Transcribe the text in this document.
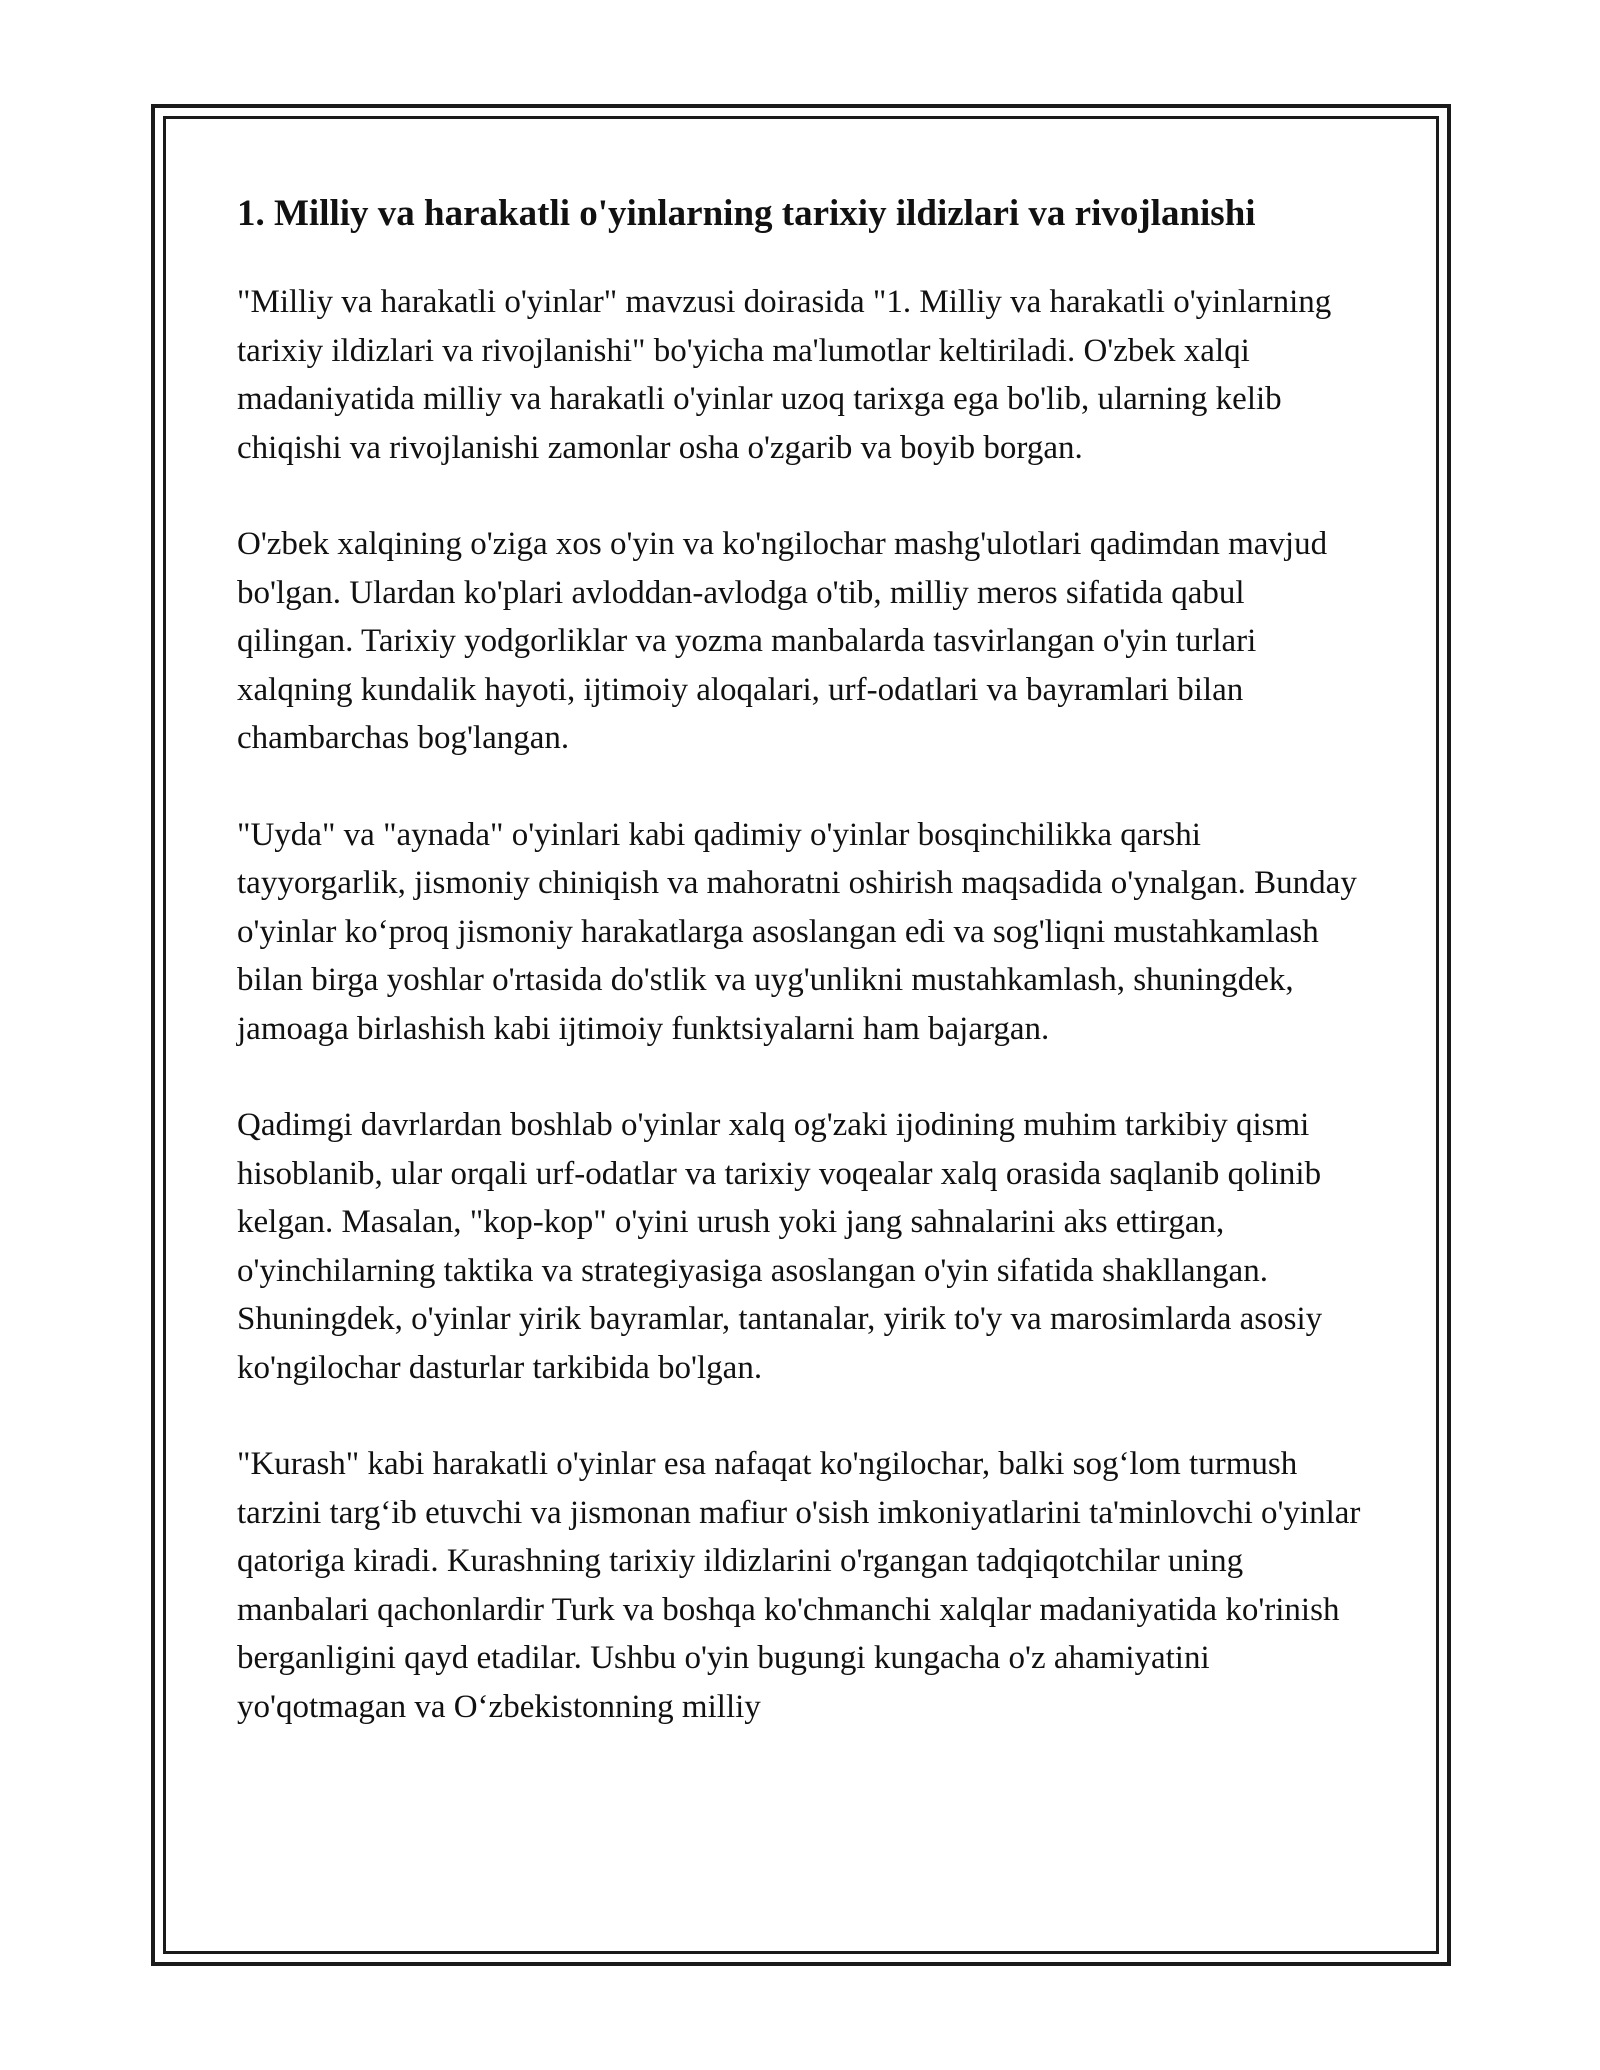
1. Milliy va harakatli o'yinlarning tarixiy ildizlari va rivojlanishi

"Milliy va harakatli o'yinlar" mavzusi doirasida "1. Milliy va harakatli o'yinlarning tarixiy ildizlari va rivojlanishi" bo'yicha ma'lumotlar keltiriladi. O'zbek xalqi madaniyatida milliy va harakatli o'yinlar uzoq tarixga ega bo'lib, ularning kelib chiqishi va rivojlanishi zamonlar osha o'zgarib va boyib borgan.

O'zbek xalqining o'ziga xos o'yin va ko'ngilochar mashg'ulotlari qadimdan mavjud bo'lgan. Ulardan ko'plari avloddan-avlodga o'tib, milliy meros sifatida qabul qilingan. Tarixiy yodgorliklar va yozma manbalarda tasvirlangan o'yin turlari xalqning kundalik hayoti, ijtimoiy aloqalari, urf-odatlari va bayramlari bilan chambarchas bog'langan.

"Uyda" va "aynada" o'yinlari kabi qadimiy o'yinlar bosqinchilikka qarshi tayyorgarlik, jismoniy chiniqish va mahoratni oshirish maqsadida o'ynalgan. Bunday o'yinlar ko‘proq jismoniy harakatlarga asoslangan edi va sog'liqni mustahkamlash bilan birga yoshlar o'rtasida do'stlik va uyg'unlikni mustahkamlash, shuningdek, jamoaga birlashish kabi ijtimoiy funktsiyalarni ham bajargan.

Qadimgi davrlardan boshlab o'yinlar xalq og'zaki ijodining muhim tarkibiy qismi hisoblanib, ular orqali urf-odatlar va tarixiy voqealar xalq orasida saqlanib qolinib kelgan. Masalan, "kop-kop" o'yini urush yoki jang sahnalarini aks ettirgan, o'yinchilarning taktika va strategiyasiga asoslangan o'yin sifatida shakllangan. Shuningdek, o'yinlar yirik bayramlar, tantanalar, yirik to'y va marosimlarda asosiy ko'ngilochar dasturlar tarkibida bo'lgan.

"Kurash" kabi harakatli o'yinlar esa nafaqat ko'ngilochar, balki sog‘lom turmush tarzini targ‘ib etuvchi va jismonan mafiur o'sish imkoniyatlarini ta'minlovchi o'yinlar qatoriga kiradi. Kurashning tarixiy ildizlarini o'rgangan tadqiqotchilar uning manbalari qachonlardir Turk va boshqa ko'chmanchi xalqlar madaniyatida ko'rinish berganligini qayd etadilar. Ushbu o'yin bugungi kungacha o'z ahamiyatini yo'qotmagan va O‘zbekistonning milliy
